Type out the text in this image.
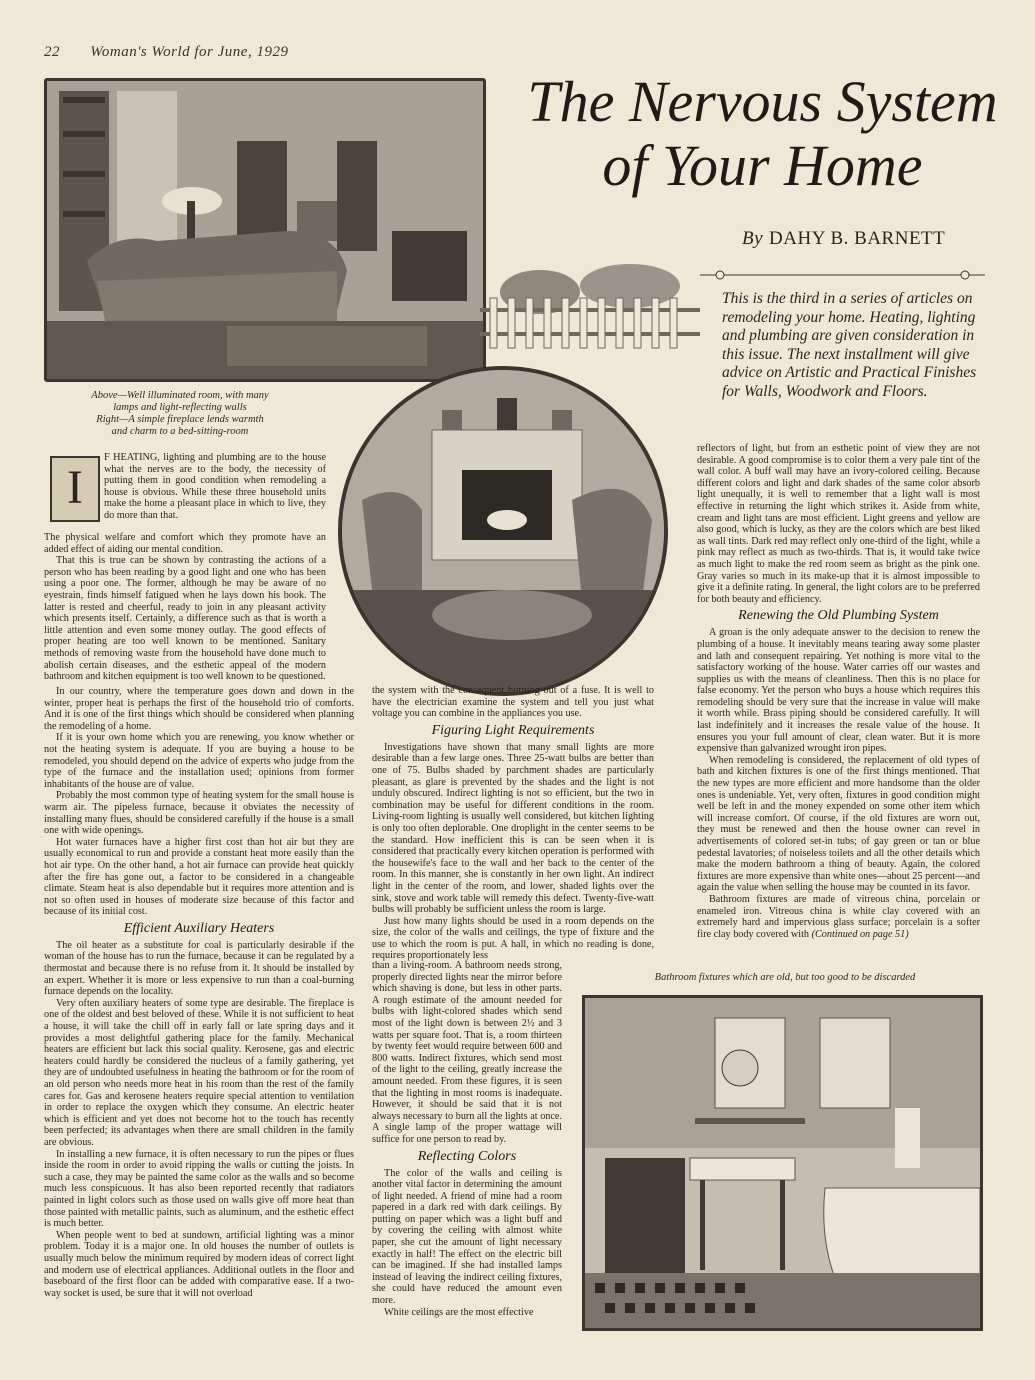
22 Woman's World for June, 1929
The Nervous System
of Your Home
By DAHY B. BARNETT
This is the third in a series of articles on remodeling your home. Heating, lighting and plumbing are given consideration in this issue. The next installment will give advice on Artistic and Practical Finishes for Walls, Woodwork and Floors.
Above—Well illuminated room, with many
lamps and light-reflecting walls
Right—A simple fireplace lends warmth
and charm to a bed-sitting-room
I

F HEATING, lighting and plumbing are to the house what the nerves are to the body, the necessity of putting them in good condition when remodeling a house is obvious. While these three household units make the home a pleasant place in which to live, they do more than that.

The physical welfare and comfort which they promote have an added effect of aiding our mental condition.

That this is true can be shown by contrasting the actions of a person who has been reading by a good light and one who has been using a poor one. The former, although he may be aware of no eyestrain, finds himself fatigued when he lays down his book. The latter is rested and cheerful, ready to join in any pleasant activity which presents itself. Certainly, a difference such as that is worth a little attention and even some money outlay. The good effects of proper heating are too well known to be mentioned. Sanitary methods of removing waste from the household have done much to abolish certain diseases, and the esthetic appeal of the modern bathroom and kitchen equipment is too well known to be questioned.

In our country, where the temperature goes down and down in the winter, proper heat is perhaps the first of the household trio of comforts. And it is one of the first things which should be considered when planning the remodeling of a home.

If it is your own home which you are renewing, you know whether or not the heating system is adequate. If you are buying a house to be remodeled, you should depend on the advice of experts who judge from the type of the furnace and the installation used; opinions from former inhabitants of the house are of value.

Probably the most common type of heating system for the small house is warm air. The pipeless furnace, because it obviates the necessity of installing many flues, should be considered carefully if the house is a small one with wide openings.

Hot water furnaces have a higher first cost than hot air but they are usually economical to run and provide a constant heat more easily than the hot air type. On the other hand, a hot air furnace can provide heat quickly after the fire has gone out, a factor to be considered in a changeable climate. Steam heat is also dependable but it requires more attention and is not so often used in houses of moderate size because of this factor and because of its initial cost.

Efficient Auxiliary Heaters

The oil heater as a substitute for coal is particularly desirable if the woman of the house has to run the furnace, because it can be regulated by a thermostat and because there is no refuse from it. It should be installed by an expert. Whether it is more or less expensive to run than a coal-burning furnace depends on the locality.

Very often auxiliary heaters of some type are desirable. The fireplace is one of the oldest and best beloved of these. While it is not sufficient to heat a house, it will take the chill off in early fall or late spring days and it provides a most delightful gathering place for the family. Mechanical heaters are efficient but lack this social quality. Kerosene, gas and electric heaters could hardly be considered the nucleus of a family gathering, yet they are of undoubted usefulness in heating the bathroom or for the room of an old person who needs more heat in his room than the rest of the family cares for. Gas and kerosene heaters require special attention to ventilation in order to replace the oxygen which they consume. An electric heater which is efficient and yet does not become hot to the touch has recently been perfected; its advantages when there are small children in the family are obvious.

In installing a new furnace, it is often necessary to run the pipes or flues inside the room in order to avoid ripping the walls or cutting the joists. In such a case, they may be painted the same color as the walls and so become much less conspicuous. It has also been reported recently that radiators painted in light colors such as those used on walls give off more heat than those painted with metallic paints, such as aluminum, and the esthetic effect is much better.

When people went to bed at sundown, artificial lighting was a minor problem. Today it is a major one. In old houses the number of outlets is usually much below the minimum required by modern ideas of correct light and modern use of electrical appliances. Additional outlets in the floor and baseboard of the first floor can be added with comparative ease. If a two-way socket is used, be sure that it will not overload

the system with the consequent burning out of a fuse. It is well to have the electrician examine the system and tell you just what voltage you can combine in the appliances you use.

Figuring Light Requirements

Investigations have shown that many small lights are more desirable than a few large ones. Three 25-watt bulbs are better than one of 75. Bulbs shaded by parchment shades are particularly pleasant, as glare is prevented by the shades and the light is not unduly obscured. Indirect lighting is not so efficient, but the two in combination may be useful for different conditions in the room. Living-room lighting is usually well considered, but kitchen lighting is only too often deplorable. One droplight in the center seems to be the standard. How inefficient this is can be seen when it is considered that practically every kitchen operation is performed with the housewife's face to the wall and her back to the center of the room. In this manner, she is constantly in her own light. An indirect light in the center of the room, and lower, shaded lights over the sink, stove and work table will remedy this defect. Twenty-five-watt bulbs will probably be sufficient unless the room is large.

Just how many lights should be used in a room depends on the size, the color of the walls and ceilings, the type of fixture and the use to which the room is put. A hall, in which no reading is done, requires proportionately less

than a living-room. A bathroom needs strong, properly directed lights near the mirror before which shaving is done, but less in other parts. A rough estimate of the amount needed for bulbs with light-colored shades which send most of the light down is between 2½ and 3 watts per square foot. That is, a room thirteen by twenty feet would require between 600 and 800 watts. Indirect fixtures, which send most of the light to the ceiling, greatly increase the amount needed. From these figures, it is seen that the lighting in most rooms is inadequate. However, it should be said that it is not always necessary to burn all the lights at once. A single lamp of the proper wattage will suffice for one person to read by.

Reflecting Colors

The color of the walls and ceiling is another vital factor in determining the amount of light needed. A friend of mine had a room papered in a dark red with dark ceilings. By putting on paper which was a light buff and by covering the ceiling with almost white paper, she cut the amount of light necessary exactly in half! The effect on the electric bill can be imagined. If she had installed lamps instead of leaving the indirect ceiling fixtures, she could have reduced the amount even more.

White ceilings are the most effective

reflectors of light, but from an esthetic point of view they are not desirable. A good compromise is to color them a very pale tint of the wall color. A buff wall may have an ivory-colored ceiling. Because different colors and light and dark shades of the same color absorb light unequally, it is well to remember that a light wall is most effective in returning the light which strikes it. Aside from white, cream and light tans are most efficient. Light greens and yellow are also good, which is lucky, as they are the colors which are best liked as wall tints. Dark red may reflect only one-third of the light, while a pink may reflect as much as two-thirds. That is, it would take twice as much light to make the red room seem as bright as the pink one. Gray varies so much in its make-up that it is almost impossible to give it a definite rating. In general, the light colors are to be preferred for both beauty and efficiency.

Renewing the Old Plumbing System

A groan is the only adequate answer to the decision to renew the plumbing of a house. It inevitably means tearing away some plaster and lath and consequent repairing. Yet nothing is more vital to the satisfactory working of the house. Water carries off our wastes and supplies us with the means of cleanliness. Then this is no place for false economy. Yet the person who buys a house which requires this remodeling should be very sure that the increase in value will make it worth while. Brass piping should be considered carefully. It will last indefinitely and it increases the resale value of the house. It ensures you your full amount of clear, clean water. But it is more expensive than galvanized wrought iron pipes.

When remodeling is considered, the replacement of old types of bath and kitchen fixtures is one of the first things mentioned. That the new types are more efficient and more handsome than the older ones is undeniable. Yet, very often, fixtures in good condition might well be left in and the money expended on some other item which will increase comfort. Of course, if the old fixtures are worn out, they must be renewed and then the house owner can revel in advertisements of colored set-in tubs; of gay green or tan or blue pedestal lavatories; of noiseless toilets and all the other details which make the modern bathroom a thing of beauty. Again, the colored fixtures are more expensive than white ones—about 25 percent—and again the value when selling the house may be counted in its favor.

Bathroom fixtures are made of vitreous china, porcelain or enameled iron. Vitreous china is white clay covered with an extremely hard and impervious glass surface; porcelain is a softer fire clay body covered with (Continued on page 51)

Bathroom fixtures which are old, but too good to be discarded
